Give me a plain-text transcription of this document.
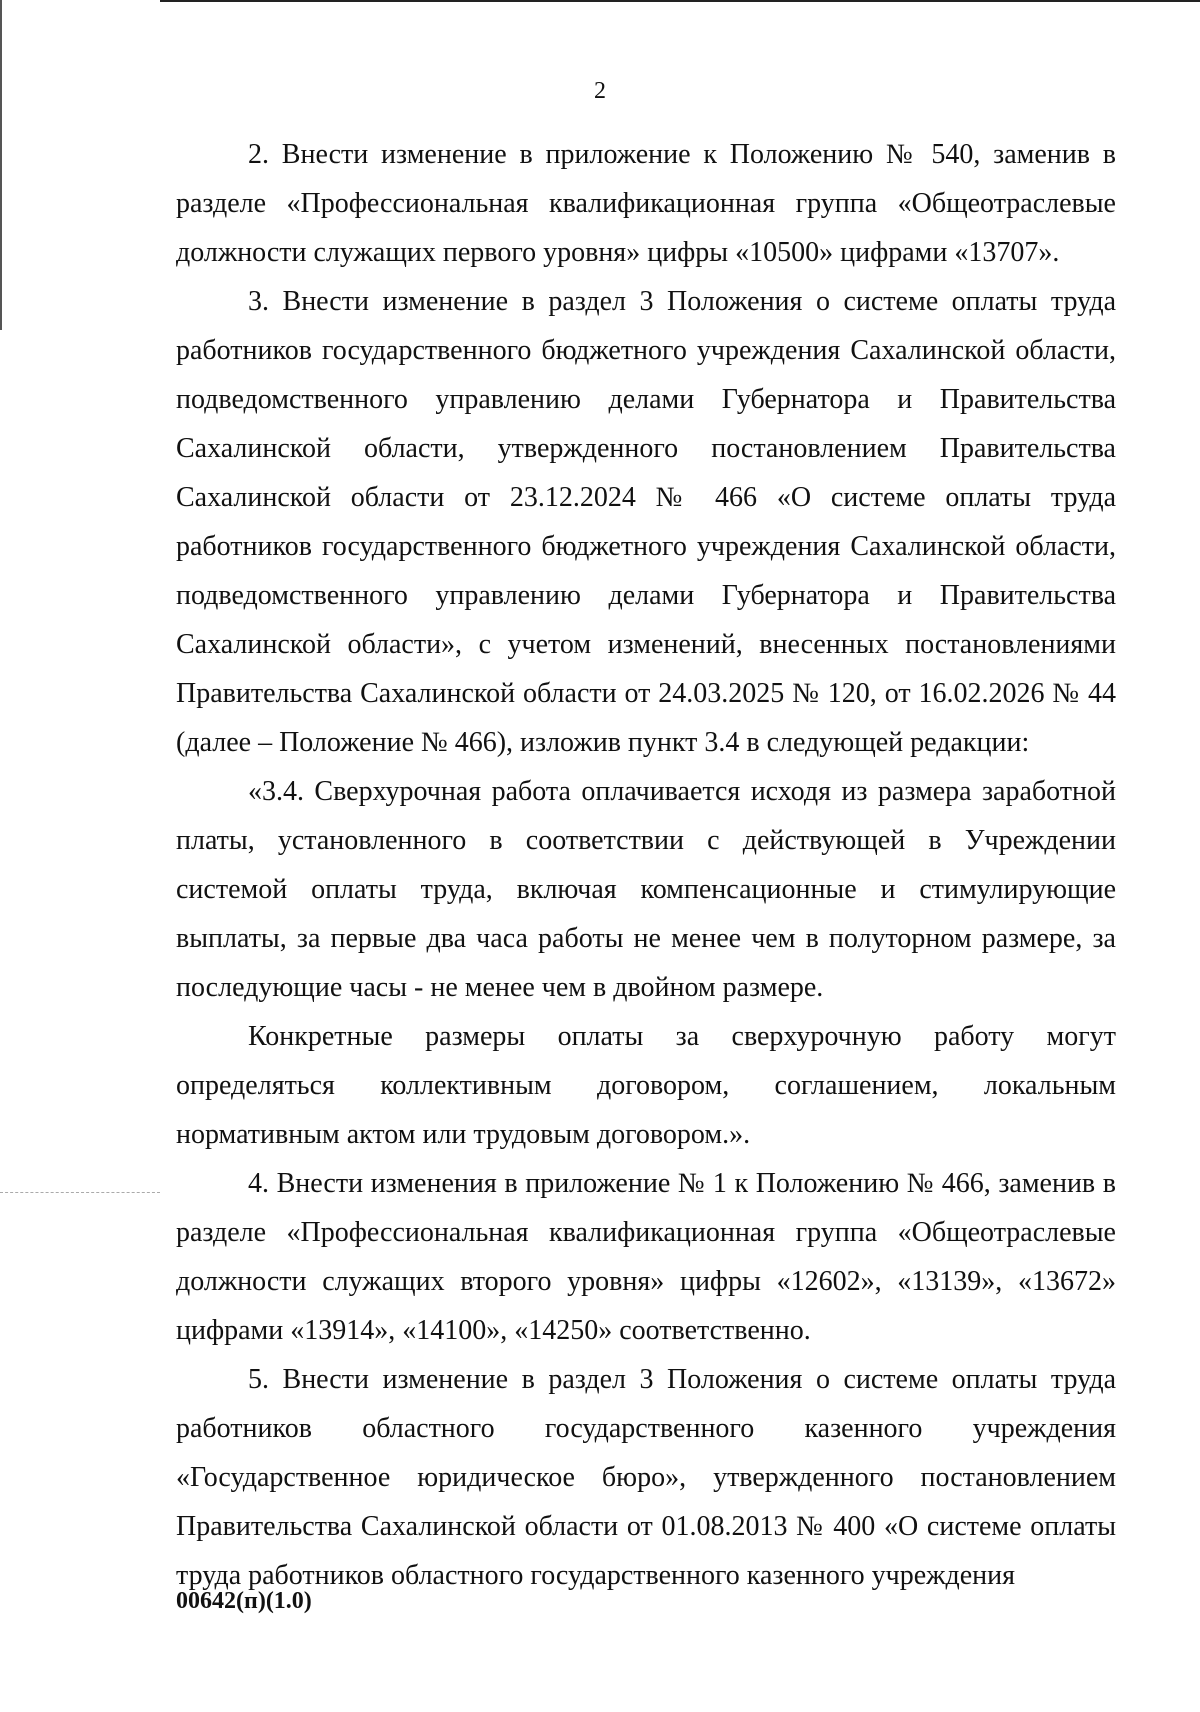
2

2. Внести изменение в приложение к Положению № 540, заменив в разделе «Профессиональная квалификационная группа «Общеотраслевые должности служащих первого уровня» цифры «10500» цифрами «13707».

3. Внести изменение в раздел 3 Положения о системе оплаты труда работников государственного бюджетного учреждения Сахалинской области, подведомственного управлению делами Губернатора и Правительства Сахалинской области, утвержденного постановлением Правительства Сахалинской области от 23.12.2024 № 466 «О системе оплаты труда работников государственного бюджетного учреждения Сахалинской области, подведомственного управлению делами Губернатора и Правительства Сахалинской области», с учетом изменений, внесенных постановлениями Правительства Сахалинской области от 24.03.2025 № 120, от 16.02.2026 № 44 (далее – Положение № 466), изложив пункт 3.4 в следующей редакции:

«3.4. Сверхурочная работа оплачивается исходя из размера заработной платы, установленного в соответствии с действующей в Учреждении системой оплаты труда, включая компенсационные и стимулирующие выплаты, за первые два часа работы не менее чем в полуторном размере, за последующие часы - не менее чем в двойном размере.

Конкретные размеры оплаты за сверхурочную работу могут определяться коллективным договором, соглашением, локальным нормативным актом или трудовым договором.».

4. Внести изменения в приложение № 1 к Положению № 466, заменив в разделе «Профессиональная квалификационная группа «Общеотраслевые должности служащих второго уровня» цифры «12602», «13139», «13672» цифрами «13914», «14100», «14250» соответственно.

5. Внести изменение в раздел 3 Положения о системе оплаты труда работников областного государственного казенного учреждения «Государственное юридическое бюро», утвержденного постановлением Правительства Сахалинской области от 01.08.2013 № 400 «О системе оплаты труда работников областного государственного казенного учреждения

00642(п)(1.0)
